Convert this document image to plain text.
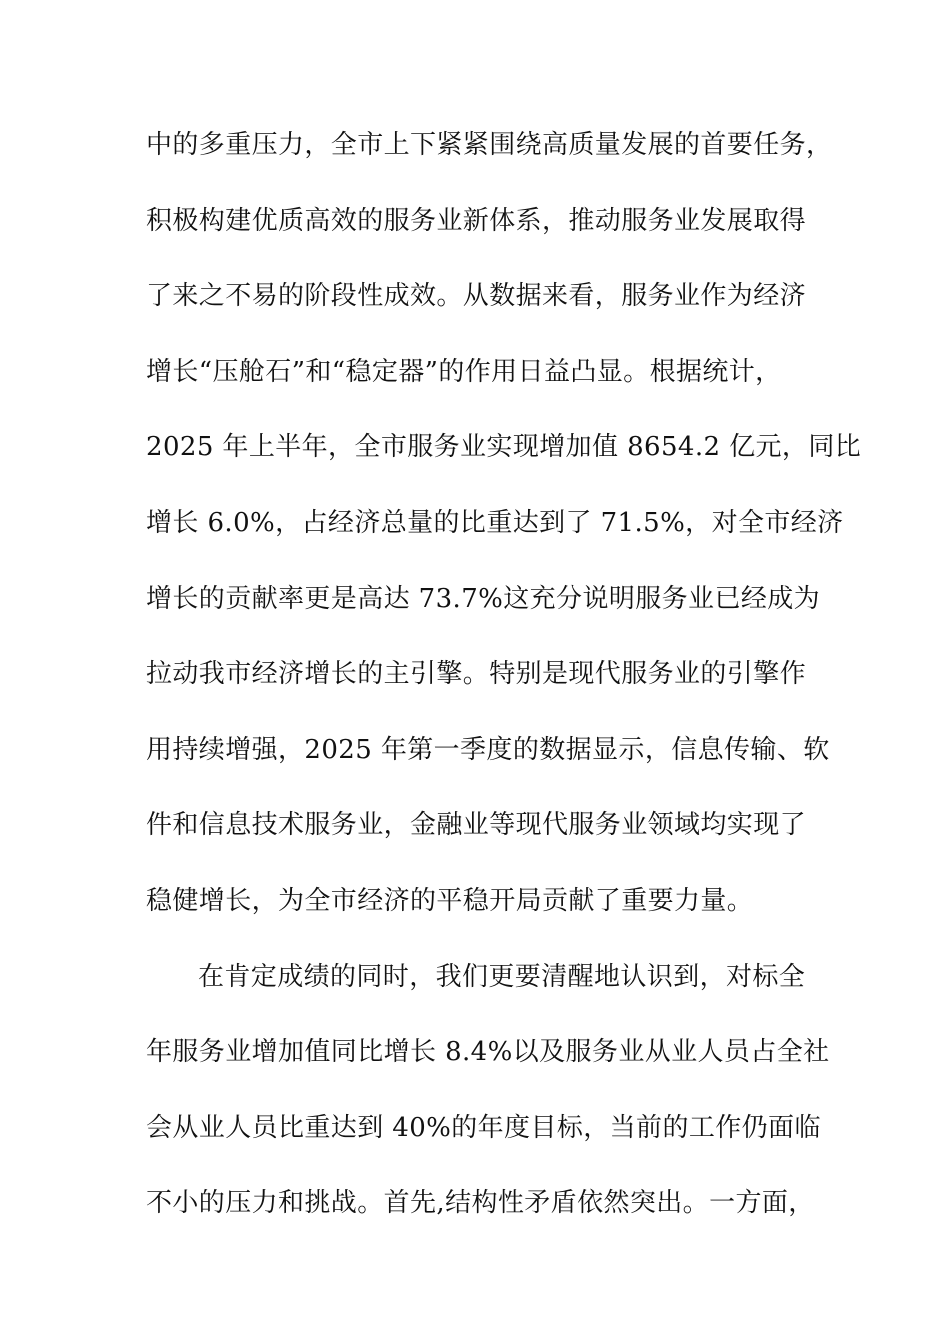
中的多重压力，全市上下紧紧围绕高质量发展的首要任务，
积极构建优质高效的服务业新体系，推动服务业发展取得
了来之不易的阶段性成效。从数据来看，服务业作为经济
增长“压舱石”和“稳定器”的作用日益凸显。根据统计，
2025 年上半年，全市服务业实现增加值 8654.2 亿元，同比
增长 6.0%，占经济总量的比重达到了 71.5%，对全市经济
增长的贡献率更是高达 73.7%这充分说明服务业已经成为
拉动我市经济增长的主引擎。特别是现代服务业的引擎作
用持续增强，2025 年第一季度的数据显示，信息传输、软
件和信息技术服务业，金融业等现代服务业领域均实现了
稳健增长，为全市经济的平稳开局贡献了重要力量。
在肯定成绩的同时，我们更要清醒地认识到，对标全
年服务业增加值同比增长 8.4%以及服务业从业人员占全社
会从业人员比重达到 40%的年度目标，当前的工作仍面临
不小的压力和挑战。首先,结构性矛盾依然突出。一方面，
